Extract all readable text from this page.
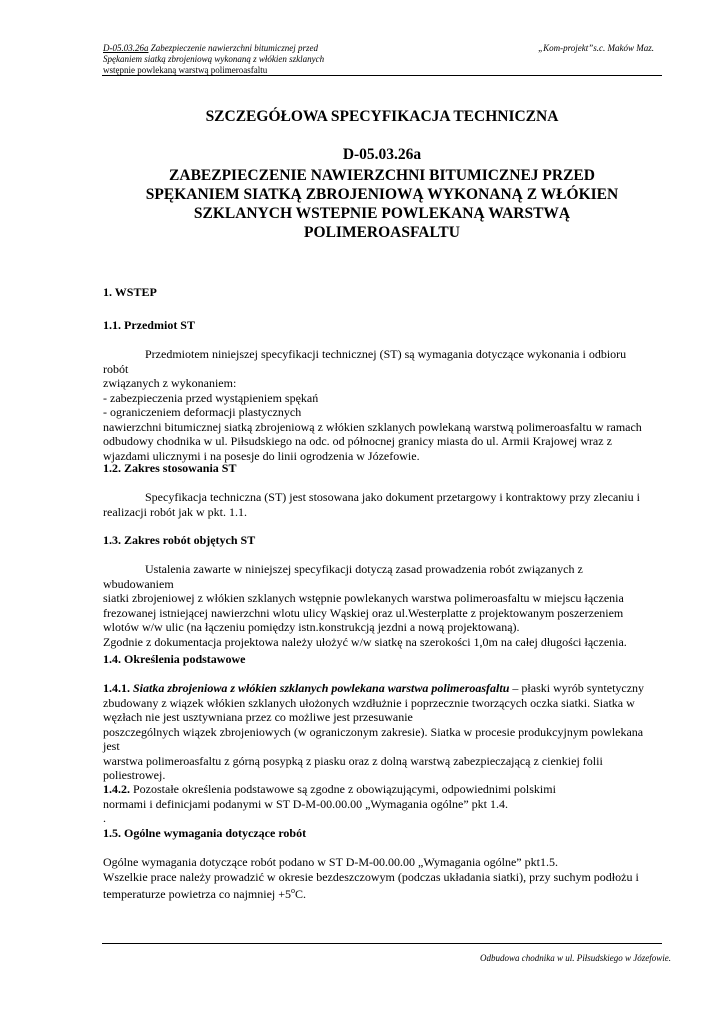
D-05.03.26a Zabezpieczenie nawierzchni bitumicznej przed
Spękaniem siatką zbrojeniową wykonaną z włókien szklanych
wstępnie powlekaną warstwą polimeroasfaltu
„Kom-projekt”s.c. Maków Maz.
SZCZEGÓŁOWA SPECYFIKACJA TECHNICZNA
D-05.03.26a
ZABEZPIECZENIE NAWIERZCHNI BITUMICZNEJ PRZED
SPĘKANIEM SIATKĄ ZBROJENIOWĄ WYKONANĄ Z WŁÓKIEN
SZKLANYCH WSTEPNIE POWLEKANĄ WARSTWĄ
POLIMEROASFALTU
1. WSTEP
1.1. Przedmiot ST
Przedmiotem niniejszej specyfikacji technicznej (ST) są wymagania dotyczące wykonania i odbioru robót
związanych z wykonaniem:
- zabezpieczenia przed wystąpieniem spękań
- ograniczeniem deformacji plastycznych
nawierzchni bitumicznej siatką zbrojeniową z włókien szklanych powlekaną warstwą polimeroasfaltu w ramach
odbudowy chodnika w ul. Piłsudskiego na odc. od północnej granicy miasta do ul. Armii Krajowej wraz z
wjazdami ulicznymi i na posesje do linii ogrodzenia w Józefowie.
1.2. Zakres stosowania ST
Specyfikacja techniczna (ST) jest stosowana jako dokument przetargowy i kontraktowy przy zlecaniu i
realizacji robót jak w pkt. 1.1.
1.3. Zakres robót objętych ST
Ustalenia zawarte w niniejszej specyfikacji dotyczą zasad prowadzenia robót związanych z wbudowaniem
siatki zbrojeniowej z włókien szklanych wstępnie powlekanych warstwa polimeroasfaltu w miejscu łączenia
frezowanej istniejącej nawierzchni wlotu ulicy Wąskiej oraz ul.Westerplatte z projektowanym poszerzeniem
wlotów w/w ulic (na łączeniu pomiędzy istn.konstrukcją jezdni a nową projektowaną).
Zgodnie z dokumentacja projektowa należy ułożyć w/w siatkę na szerokości 1,0m na całej długości łączenia.
1.4. Określenia podstawowe
1.4.1. Siatka zbrojeniowa z włókien szklanych powlekana warstwa polimeroasfaltu – płaski wyrób syntetyczny
zbudowany z wiązek włókien szklanych ułożonych wzdłużnie i poprzecznie tworzących oczka siatki. Siatka w
węzłach nie jest usztywniana przez co możliwe jest przesuwanie
poszczególnych wiązek zbrojeniowych (w ograniczonym zakresie). Siatka w procesie produkcyjnym powlekana jest
warstwa polimeroasfaltu z górną posypką z piasku oraz z dolną warstwą zabezpieczającą z cienkiej folii
poliestrowej.
1.4.2. Pozostałe określenia podstawowe są zgodne z obowiązującymi, odpowiednimi polskimi
normami i definicjami podanymi w ST D-M-00.00.00 „Wymagania ogólne” pkt 1.4.
.
1.5. Ogólne wymagania dotyczące robót
Ogólne wymagania dotyczące robót podano w ST D-M-00.00.00 „Wymagania ogólne” pkt1.5.
Wszelkie prace należy prowadzić w okresie bezdeszczowym (podczas układania siatki), przy suchym podłożu i
temperaturze powietrza co najmniej $+5^oC$.
Odbudowa chodnika w ul. Piłsudskiego w Józefowie.
